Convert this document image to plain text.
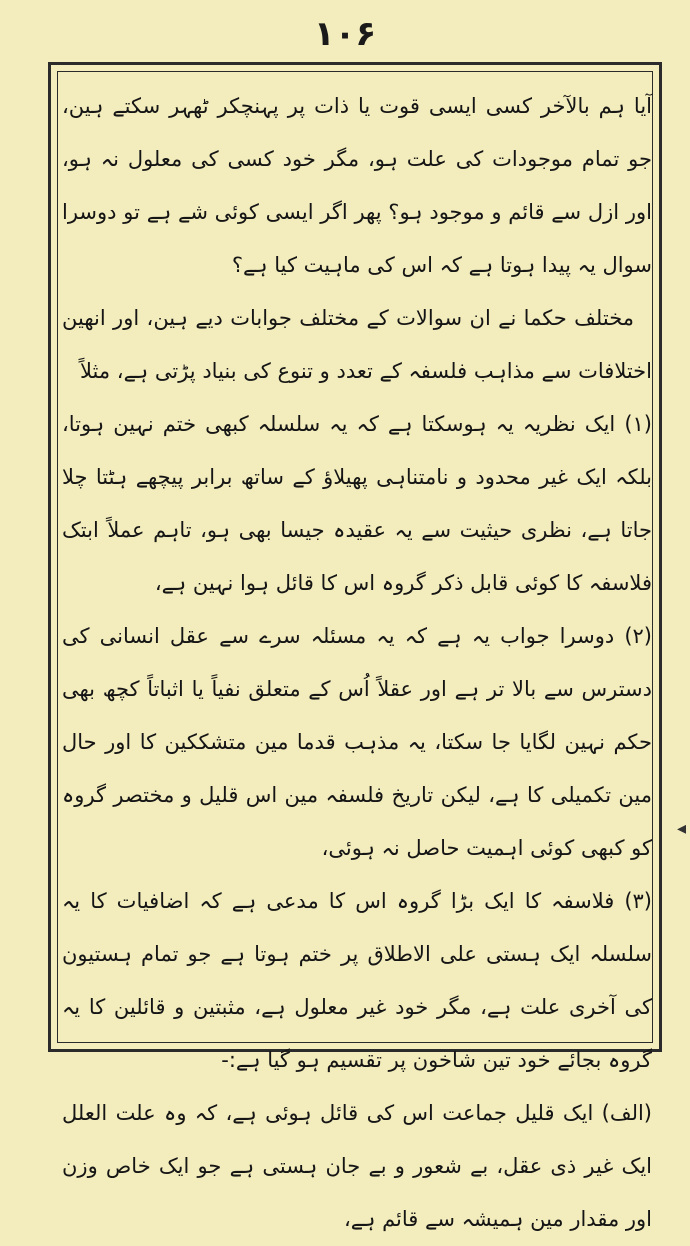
۱۰۶

آیا ہم بالآخر کسی ایسی قوت یا ذات پر پہنچکر ٹھہر سکتے ہین، جو تمام موجودات کی علت ہو، مگر خود کسی کی معلول نہ ہو، اور ازل سے قائم و موجود ہو؟ پھر اگر ایسی کوئی شے ہے تو دوسرا سوال یہ پیدا ہوتا ہے کہ اس کی ماہیت کیا ہے؟

مختلف حکما نے ان سوالات کے مختلف جوابات دیے ہین، اور انھین اختلافات سے مذاہب فلسفہ کے تعدد و تنوع کی بنیاد پڑتی ہے، مثلاً

(۱) ایک نظریہ یہ ہوسکتا ہے کہ یہ سلسلہ کبھی ختم نہین ہوتا، بلکہ ایک غیر محدود و نامتناہی پھیلاؤ کے ساتھ برابر پیچھے ہٹتا چلا جاتا ہے، نظری حیثیت سے یہ عقیدہ جیسا بھی ہو، تاہم عملاً ابتک فلاسفہ کا کوئی قابل ذکر گروہ اس کا قائل ہوا نہین ہے،

(۲) دوسرا جواب یہ ہے کہ یہ مسئلہ سرے سے عقل انسانی کی دسترس سے بالا تر ہے اور عقلاً اُس کے متعلق نفیاً یا اثباتاً کچھ بھی حکم نہین لگایا جا سکتا، یہ مذہب قدما مین متشککین کا اور حال مین تکمیلی کا ہے، لیکن تاریخ فلسفہ مین اس قلیل و مختصر گروہ کو کبھی کوئی اہمیت حاصل نہ ہوئی،

(۳) فلاسفہ کا ایک بڑا گروہ اس کا مدعی ہے کہ اضافیات کا یہ سلسلہ ایک ہستی علی الاطلاق پر ختم ہوتا ہے جو تمام ہستیون کی آخری علت ہے، مگر خود غیر معلول ہے، مثبتین و قائلین کا یہ گروہ بجائے خود تین شاخون پر تقسیم ہو گیا ہے:-

(الف) ایک قلیل جماعت اس کی قائل ہوئی ہے، کہ وہ علت العلل ایک غیر ذی عقل، بے شعور و بے جان ہستی ہے جو ایک خاص وزن اور مقدار مین ہمیشہ سے قائم ہے،

◂
